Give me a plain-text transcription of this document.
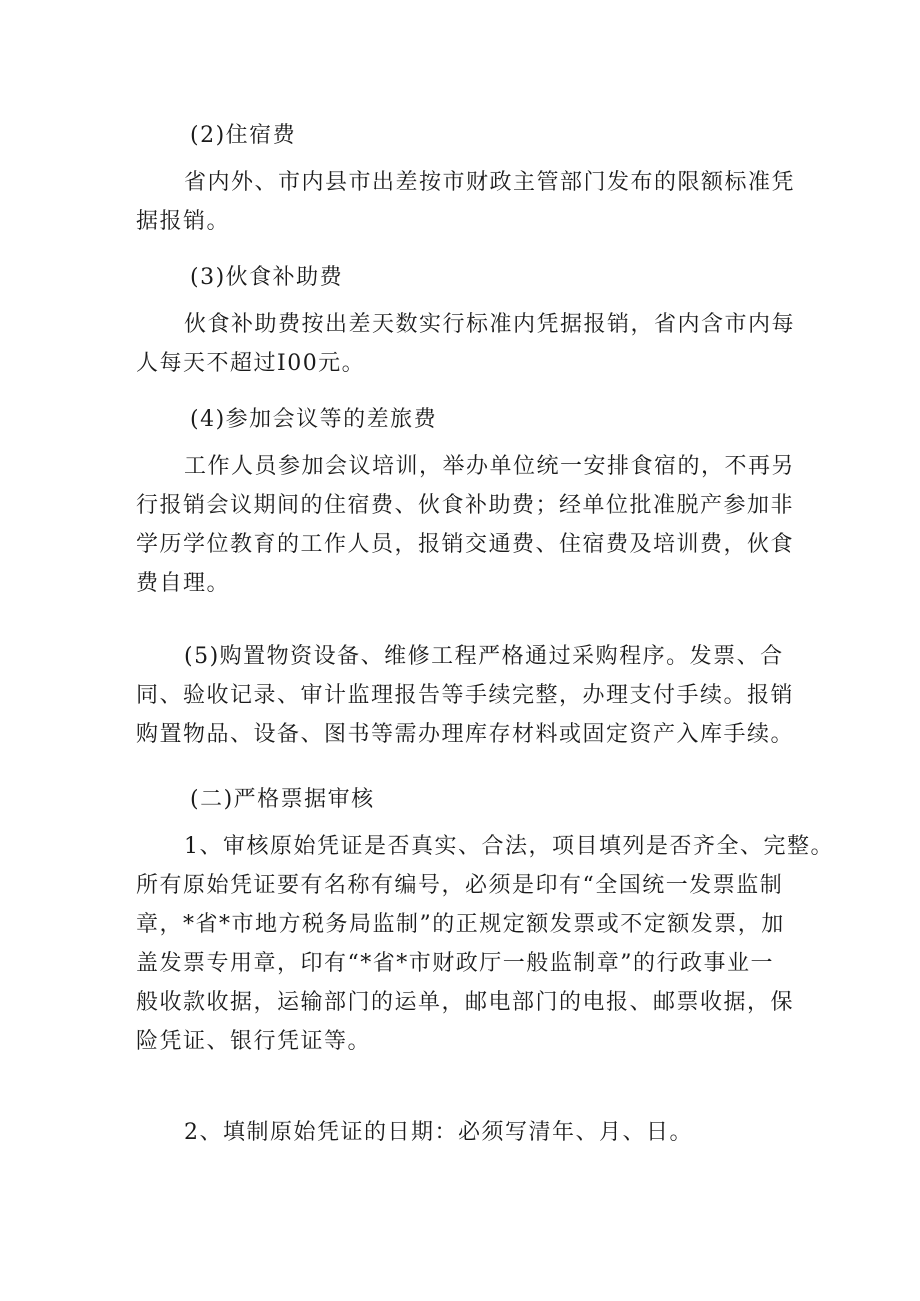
(2)住宿费

省内外、市内县市出差按市财政主管部门发布的限额标准凭
据报销。

(3)伙食补助费

伙食补助费按出差天数实行标准内凭据报销，省内含市内每
人每天不超过I00元。

(4)参加会议等的差旅费

工作人员参加会议培训，举办单位统一安排食宿的，不再另
行报销会议期间的住宿费、伙食补助费；经单位批准脱产参加非
学历学位教育的工作人员，报销交通费、住宿费及培训费，伙食
费自理。

(5)购置物资设备、维修工程严格通过采购程序。发票、合
同、验收记录、审计监理报告等手续完整，办理支付手续。报销
购置物品、设备、图书等需办理库存材料或固定资产入库手续。

(二)严格票据审核

1、审核原始凭证是否真实、合法，项目填列是否齐全、完整。
所有原始凭证要有名称有编号，必须是印有“全国统一发票监制
章，*省*市地方税务局监制”的正规定额发票或不定额发票，加
盖发票专用章，印有“*省*市财政厅一般监制章”的行政事业一
般收款收据，运输部门的运单，邮电部门的电报、邮票收据，保
险凭证、银行凭证等。

2、填制原始凭证的日期：必须写清年、月、日。
